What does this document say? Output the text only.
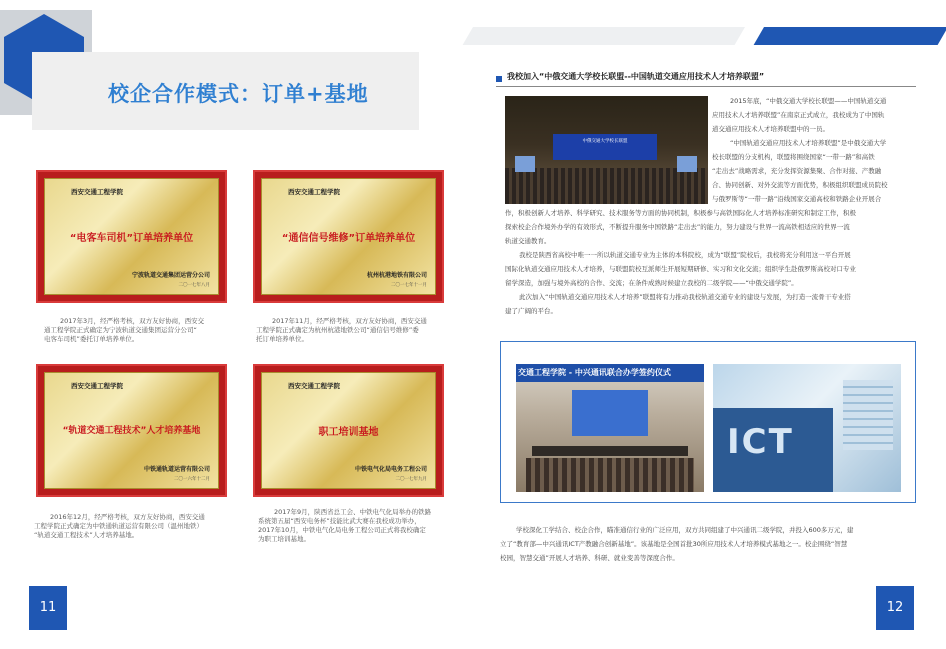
校企合作模式：订单+基地
西安交通工程学院
“电客车司机”订单培养单位
宁波轨道交通集团运营分公司
二〇一七年八月
西安交通工程学院
“通信信号维修”订单培养单位
杭州杭港地铁有限公司
二〇一七年十一月
2017年3月，经严格考核，双方友好协商，西安交
通工程学院正式确定为宁波轨道交通集团运营分公司“
电客车司机”委托订单培养单位。
2017年11月，经严格考核，双方友好协商，西安交通
工程学院正式确定为杭州杭港地铁公司“通信信号维修”委
托订单培养单位。
西安交通工程学院
“轨道交通工程技术”人才培养基地
中铁通轨道运营有限公司
二〇一六年十二月
西安交通工程学院
职工培训基地
中铁电气化局电务工程公司
二〇一七年九月
2016年12月，经严格考核，双方友好协商，西安交通
工程学院正式确定为中铁通轨道运营有限公司（温州地铁）
“轨道交通工程技术”人才培养基地。
2017年9月，陕西省总工会、中铁电气化局举办的铁路
系统第五届“西安电务杯”技能比武大赛在我校成功举办，
2017年10月，中铁电气化局电务工程公司正式将我校确定
为职工培训基地。
11
我校加入“中俄交通大学校长联盟--中国轨道交通应用技术人才培养联盟”
中俄交通大学校长联盟
2015年底，“中俄交通大学校长联盟——中国轨道交通
应用技术人才培养联盟”在南京正式成立，我校成为了中国轨
道交通应用技术人才培养联盟中的一员。
“中国轨道交通应用技术人才培养联盟”是中俄交通大学
校长联盟的分支机构，联盟将围绕国家“一带一路”和高铁
“走出去”战略需求，充分发挥资源集聚、合作对接、产教融
合、协同创新、对外交流等方面优势，积极组织联盟成员院校
与俄罗斯等“一带一路”沿线国家交通高校和铁路企业开展合
作，积极创新人才培养、科学研究、技术服务等方面的协同机制，积极参与高铁国际化人才培养标准研究和制定工作，积极
探索校企合作境外办学的有效形式，不断提升服务中国铁路“走出去”的能力，努力建设与世界一流高铁相适应的世界一流
轨道交通教育。
我校是陕西省高校中唯一一所以轨道交通专业为主体的本科院校，成为“联盟”院校后，我校将充分利用这一平台开展
国际化轨道交通应用技术人才培养，与联盟院校互派师生开展短期研修、实习和文化交流；组织学生赴俄罗斯高校对口专业
留学深造，加强与境外高校的合作、交流；在条件成熟时候建立我校的二级学院——“中俄交通学院”。
此次加入“中国轨道交通应用技术人才培养”联盟将有力推动我校轨道交通专业的建设与发展，为打造一流骨干专业搭
建了广阔的平台。
交通工程学院 - 中兴通讯联合办学签约仪式
ICT
学校深化工学结合、校企合作，瞄准通信行业的广泛应用，双方共同组建了中兴通讯二级学院，并投入600多万元，建
立了“教育部—中兴通讯ICT产教融合创新基地”。该基地是全国首批30所应用技术人才培养模式基地之一。校企围绕“智慧
校园，智慧交通”开展人才培养、科研、就业变善等深度合作。
12
